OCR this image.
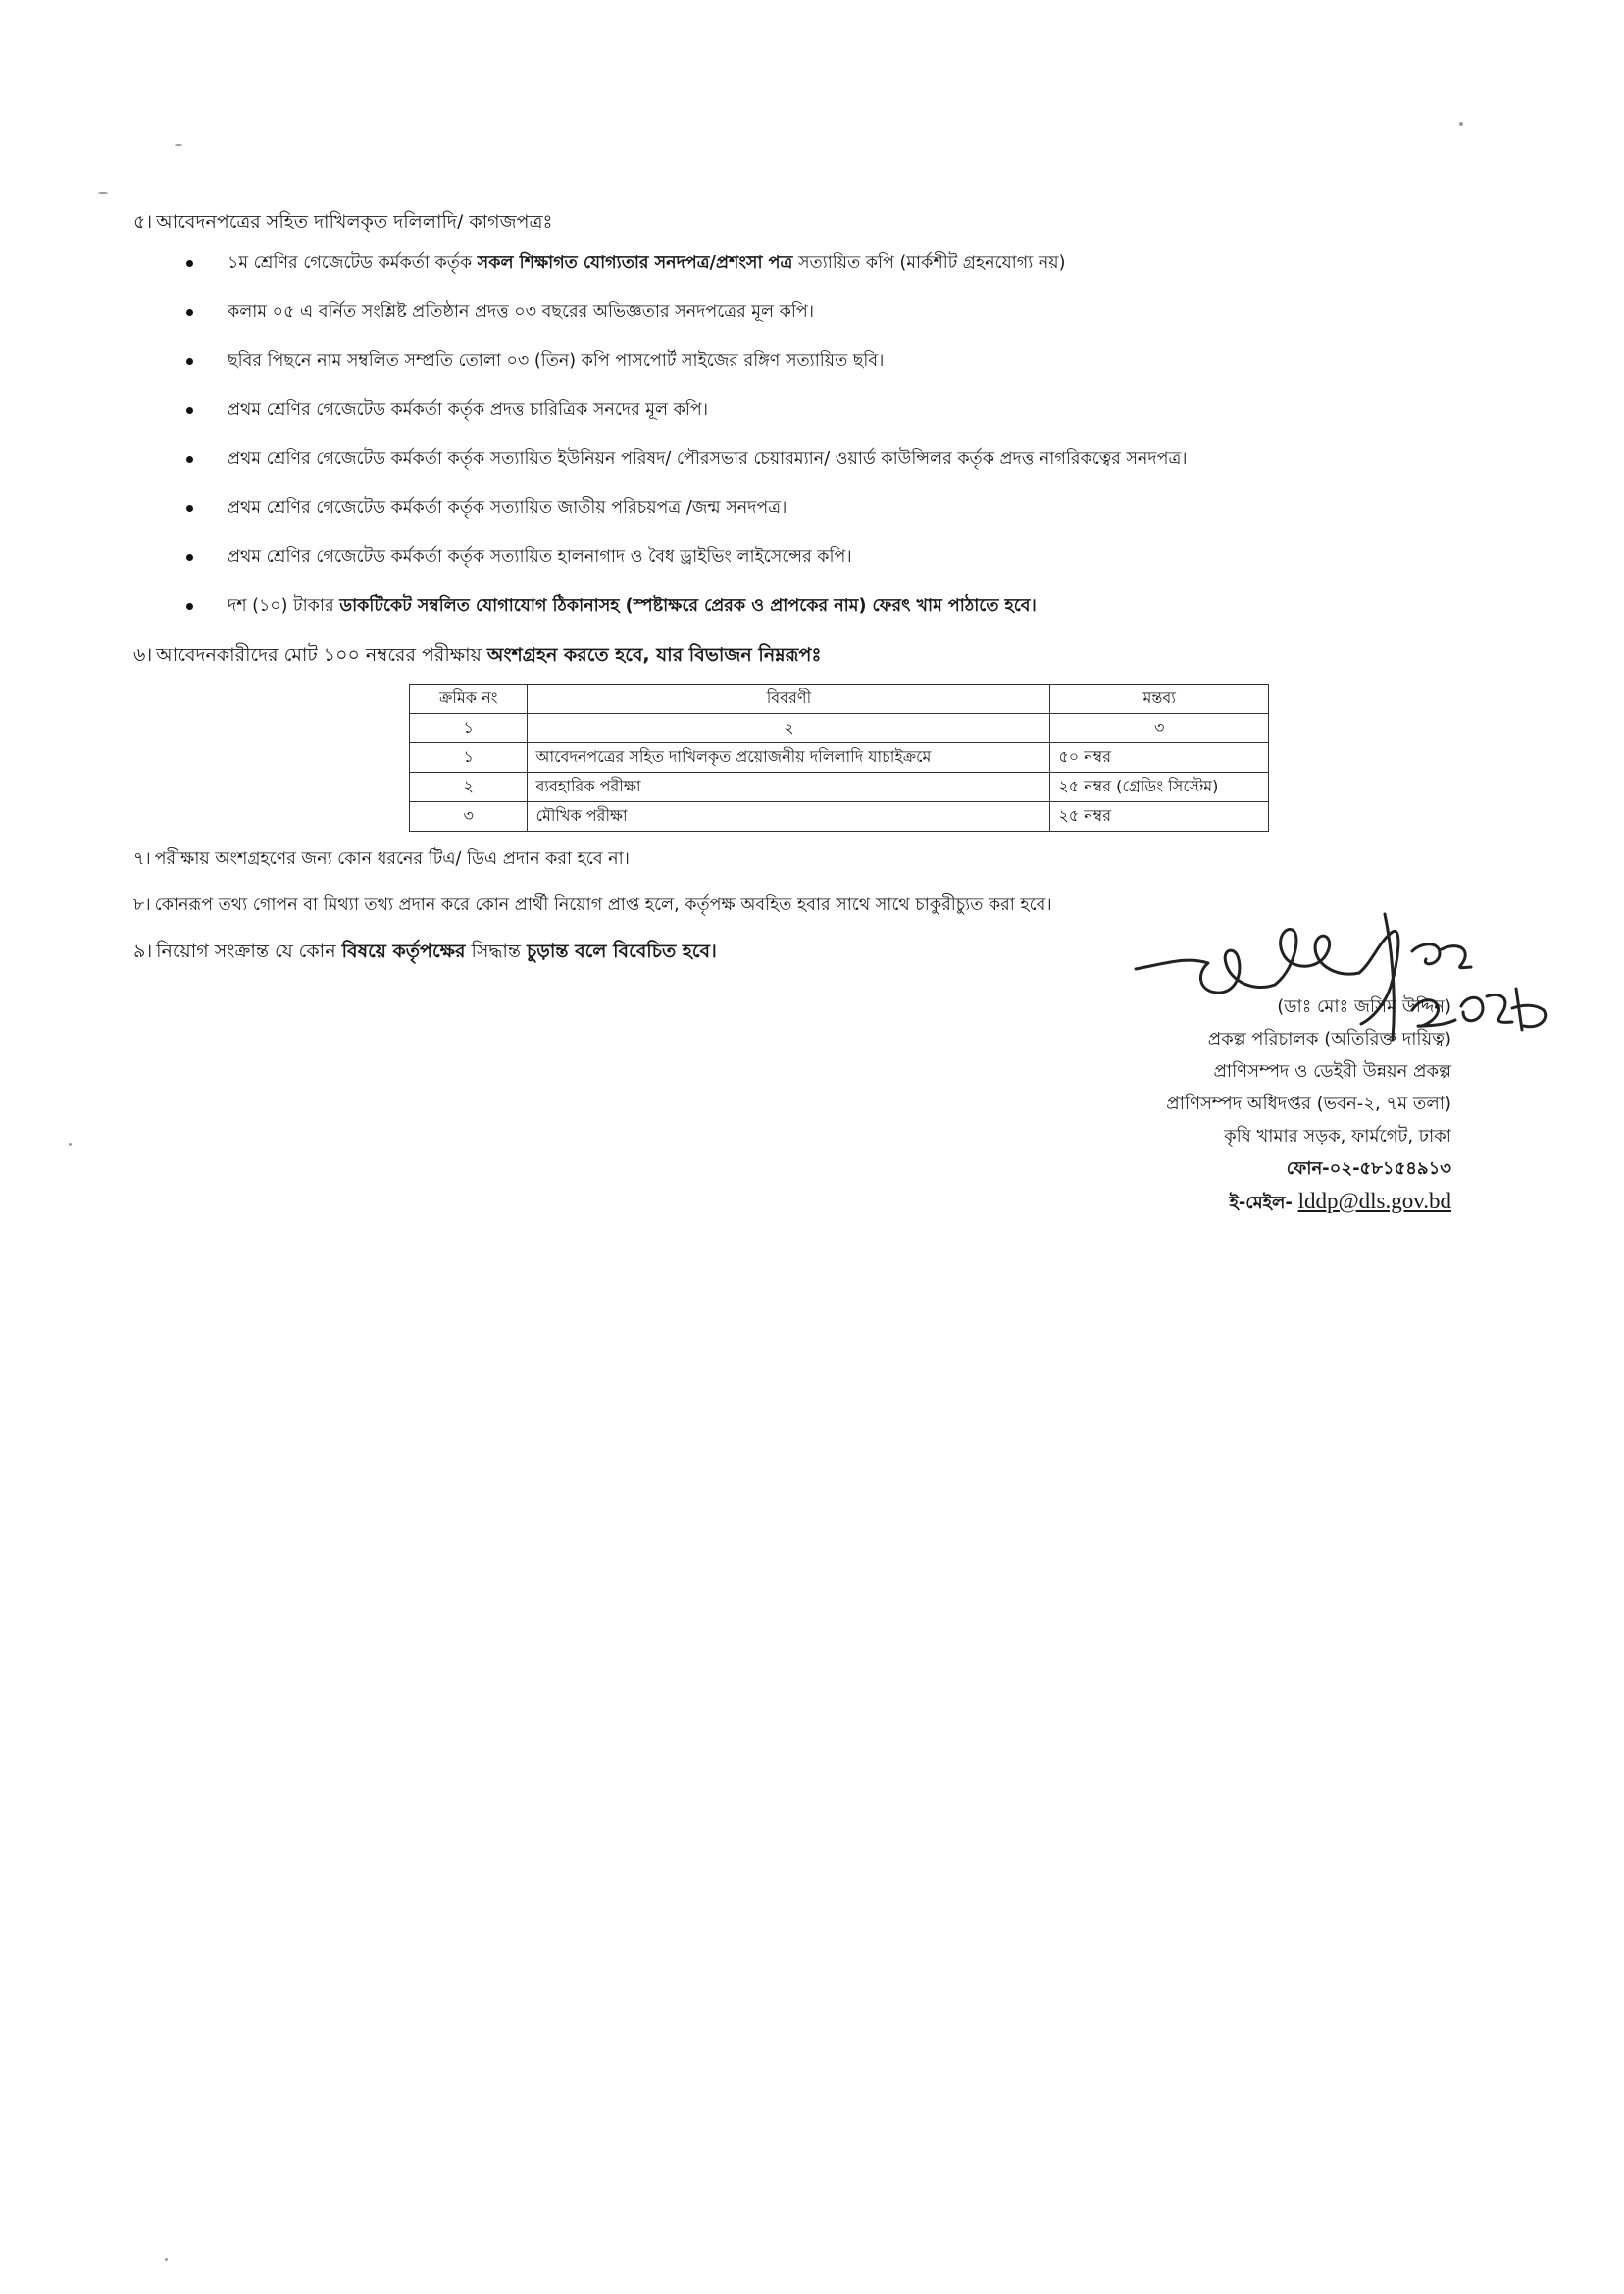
৫। আবেদনপত্রের সহিত দাখিলকৃত দলিলাদি/ কাগজপত্রঃ
১ম শ্রেণির গেজেটেড কর্মকর্তা কর্তৃক সকল শিক্ষাগত যোগ্যতার সনদপত্র/প্রশংসা পত্র সত্যায়িত কপি (মার্কশীট গ্রহনযোগ্য নয়)
কলাম ০৫ এ বর্নিত সংশ্লিষ্ট প্রতিষ্ঠান প্রদত্ত ০৩ বছরের অভিজ্ঞতার সনদপত্রের মূল কপি।
ছবির পিছনে নাম সম্বলিত সম্প্রতি তোলা ০৩ (তিন) কপি পাসপোর্ট সাইজের রঙ্গিণ সত্যায়িত ছবি।
প্রথম শ্রেণির গেজেটেড কর্মকর্তা কর্তৃক প্রদত্ত চারিত্রিক সনদের মূল কপি।
প্রথম শ্রেণির গেজেটেড কর্মকর্তা কর্তৃক সত্যায়িত ইউনিয়ন পরিষদ/ পৌরসভার চেয়ারম্যান/ ওয়ার্ড কাউন্সিলর কর্তৃক প্রদত্ত নাগরিকত্বের সনদপত্র।
প্রথম শ্রেণির গেজেটেড কর্মকর্তা কর্তৃক সত্যায়িত জাতীয় পরিচয়পত্র /জন্ম সনদপত্র।
প্রথম শ্রেণির গেজেটেড কর্মকর্তা কর্তৃক সত্যায়িত হালনাগাদ ও বৈধ ড্রাইভিং লাইসেন্সের কপি।
দশ (১০) টাকার ডাকটিকেট সম্বলিত যোগাযোগ ঠিকানাসহ (স্পষ্টাক্ষরে প্রেরক ও প্রাপকের নাম) ফেরৎ খাম পাঠাতে হবে।
৬। আবেদনকারীদের মোট ১০০ নম্বরের পরীক্ষায় অংশগ্রহন করতে হবে, যার বিভাজন নিম্নরূপঃ
ক্রমিক নং	বিবরণী	মন্তব্য
১	২	৩
১	আবেদনপত্রের সহিত দাখিলকৃত প্রয়োজনীয় দলিলাদি যাচাইক্রমে	৫০ নম্বর
২	ব্যবহারিক পরীক্ষা	২৫ নম্বর (গ্রেডিং সিস্টেম)
৩	মৌখিক পরীক্ষা	২৫ নম্বর
৭। পরীক্ষায় অংশগ্রহণের জন্য কোন ধরনের টিএ/ ডিএ প্রদান করা হবে না।
৮। কোনরূপ তথ্য গোপন বা মিথ্যা তথ্য প্রদান করে কোন প্রার্থী নিয়োগ প্রাপ্ত হলে, কর্তৃপক্ষ অবহিত হবার সাথে সাথে চাকুরীচ্যুত করা হবে।
৯। নিয়োগ সংক্রান্ত যে কোন বিষয়ে কর্তৃপক্ষের সিদ্ধান্ত চুড়ান্ত বলে বিবেচিত হবে।
(ডাঃ মোঃ জসিম উদ্দিন)
প্রকল্প পরিচালক (অতিরিক্ত দায়িত্ব)
প্রাণিসম্পদ ও ডেইরী উন্নয়ন প্রকল্প
প্রাণিসম্পদ অধিদপ্তর (ভবন-২, ৭ম তলা)
কৃষি খামার সড়ক, ফার্মগেট, ঢাকা
ফোন-০২-৫৮১৫৪৯১৩
ই-মেইল- lddp@dls.gov.bd
